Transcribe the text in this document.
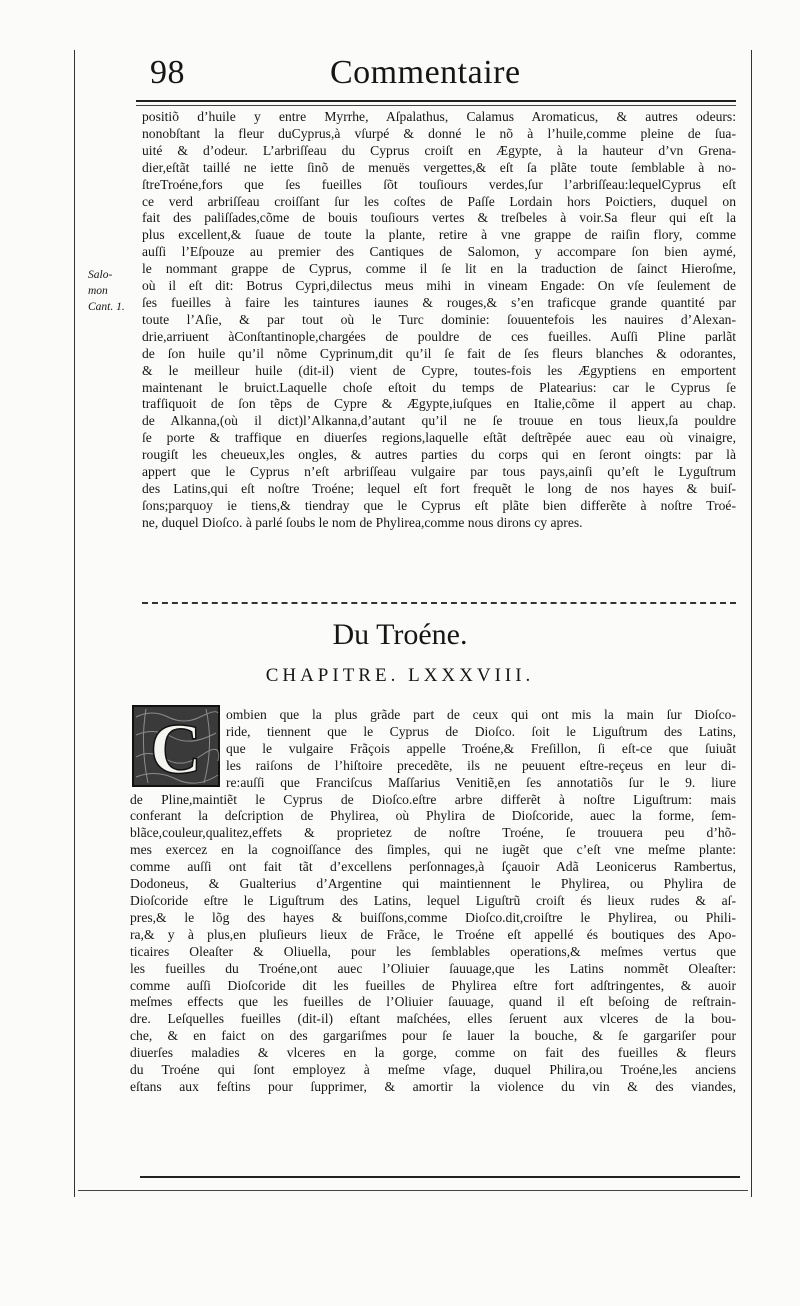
98	Commentaire
Salo-
mon
Cant. 1.
positiõ d’huile y entre Myrrhe, Aſpalathus, Calamus Aromaticus, & autres odeurs:
nonobſtant la fleur duCyprus,à vſurpé & donné le nõ à l’huile,comme pleine de ſua-
uité & d’odeur. L’arbriſſeau du Cyprus croiſt en Ægypte, à la hauteur d’vn Grena-
dier,eſtãt taillé ne iette ſinõ de menuës vergettes,& eſt ſa plãte toute ſemblable à no-
ſtreTroéne,fors que ſes fueilles ſõt touſiours verdes,ſur l’arbriſſeau:lequelCyprus eſt
ce verd arbriſſeau croiſſant ſur les coſtes de Paſſe Lordain hors Poictiers, duquel on
fait des paliſſades,cõme de bouis touſiours vertes & treſbeles à voir.Sa fleur qui eſt la
plus excellent,& ſuaue de toute la plante, retire à vne grappe de raiſin flory, comme
auſſi l’Eſpouze au premier des Cantiques de Salomon, y accompare ſon bien aymé,
le nommant grappe de Cyprus, comme il ſe lit en la traduction de ſainct Hieroſme,
où il eſt dit: Botrus Cypri,dilectus meus mihi in vineam Engade: On vſe ſeulement de
ſes fueilles à faire les taintures iaunes & rouges,& s’en traficque grande quantité par
toute l’Aſie, & par tout où le Turc dominie: ſouuentefois les nauires d’Alexan-
drie,arriuent àConſtantinople,chargées de pouldre de ces fueilles. Auſſi Pline parlãt
de ſon huile qu’il nõme Cyprinum,dit qu’il ſe fait de ſes fleurs blanches & odorantes,
& le meilleur huile (dit-il) vient de Cypre, toutes-fois les Ægyptiens en emportent
maintenant le bruict.Laquelle choſe eſtoit du temps de Platearius: car le Cyprus ſe
trafſiquoit de ſon tẽps de Cypre & Ægypte,iuſques en Italie,cõme il appert au chap.
de Alkanna,(où il dict)l’Alkanna,d’autant qu’il ne ſe trouue en tous lieux,ſa pouldre
ſe porte & traffique en diuerſes regions,laquelle eſtãt deſtrẽpée auec eau où vinaigre,
rougiſt les cheueux,les ongles, & autres parties du corps qui en ſeront oingts: par là
appert que le Cyprus n’eſt arbriſſeau vulgaire par tous pays,ainſi qu’eſt le Lyguſtrum
des Latins,qui eſt noſtre Troéne; lequel eſt fort frequẽt le long de nos hayes & buiſ-
ſons;parquoy ie tiens,& tiendray que le Cyprus eſt plãte bien differẽte à noſtre Troé-
ne, duquel Dioſco. à parlé ſoubs le nom de Phylirea,comme nous dirons cy apres.
Du Troéne.
CHAPITRE. LXXXVIII.
C	ombien que la plus grãde part de ceux qui ont mis la main ſur Dioſco-
ride, tiennent que le Cyprus de Dioſco. ſoit le Liguſtrum des Latins,
que le vulgaire Frãçois appelle Troéne,& Freſillon, ſi eſt-ce que ſuiuãt
les raiſons de l’hiſtoire precedẽte, ils ne peuuent eſtre-reçeus en leur di-
re:auſſi que Franciſcus Maſſarius Venitiẽ,en ſes annotatiõs ſur le 9. liure
de Pline,maintiẽt le Cyprus de Dioſco.eſtre arbre differẽt à noſtre Liguſtrum: mais
conferant la deſcription de Phylirea, où Phylira de Dioſcoride, auec la forme, ſem-
blãce,couleur,qualitez,effets & proprietez de noſtre Troéne, ſe trouuera peu d’hõ-
mes exercez en la cognoiſſance des ſimples, qui ne iugẽt que c’eſt vne meſme plante:
comme auſſi ont fait tãt d’excellens perſonnages,à ſçauoir Adã Leonicerus Rambertus,
Dodoneus, & Gualterius d’Argentine qui maintiennent le Phylirea, ou Phylira de
Dioſcoride eſtre le Liguſtrum des Latins, lequel Liguſtrũ croiſt és lieux rudes & aſ-
pres,& le lõg des hayes & buiſſons,comme Dioſco.dit,croiſtre le Phylirea, ou Phili-
ra,& y à plus,en pluſieurs lieux de Frãce, le Troéne eſt appellé és boutiques des Apo-
ticaires Oleaſter & Oliuella, pour les ſemblables operations,& meſmes vertus que
les fueilles du Troéne,ont auec l’Oliuier ſauuage,que les Latins nommẽt Oleaſter:
comme auſſi Dioſcoride dit les fueilles de Phylirea eſtre fort adſtringentes, & auoir
meſmes effects que les fueilles de l’Oliuier ſauuage, quand il eſt beſoing de reſtrain-
dre. Leſquelles fueilles (dit-il) eſtant maſchées, elles ſeruent aux vlceres de la bou-
che, & en faict on des gargariſmes pour ſe lauer la bouche, & ſe gargariſer pour
diuerſes maladies & vlceres en la gorge, comme on fait des fueilles & fleurs
du Troéne qui ſont employez à meſme vſage, duquel Philira,ou Troéne,les anciens
eſtans aux feſtins pour ſupprimer, & amortir la violence du vin & des viandes,
